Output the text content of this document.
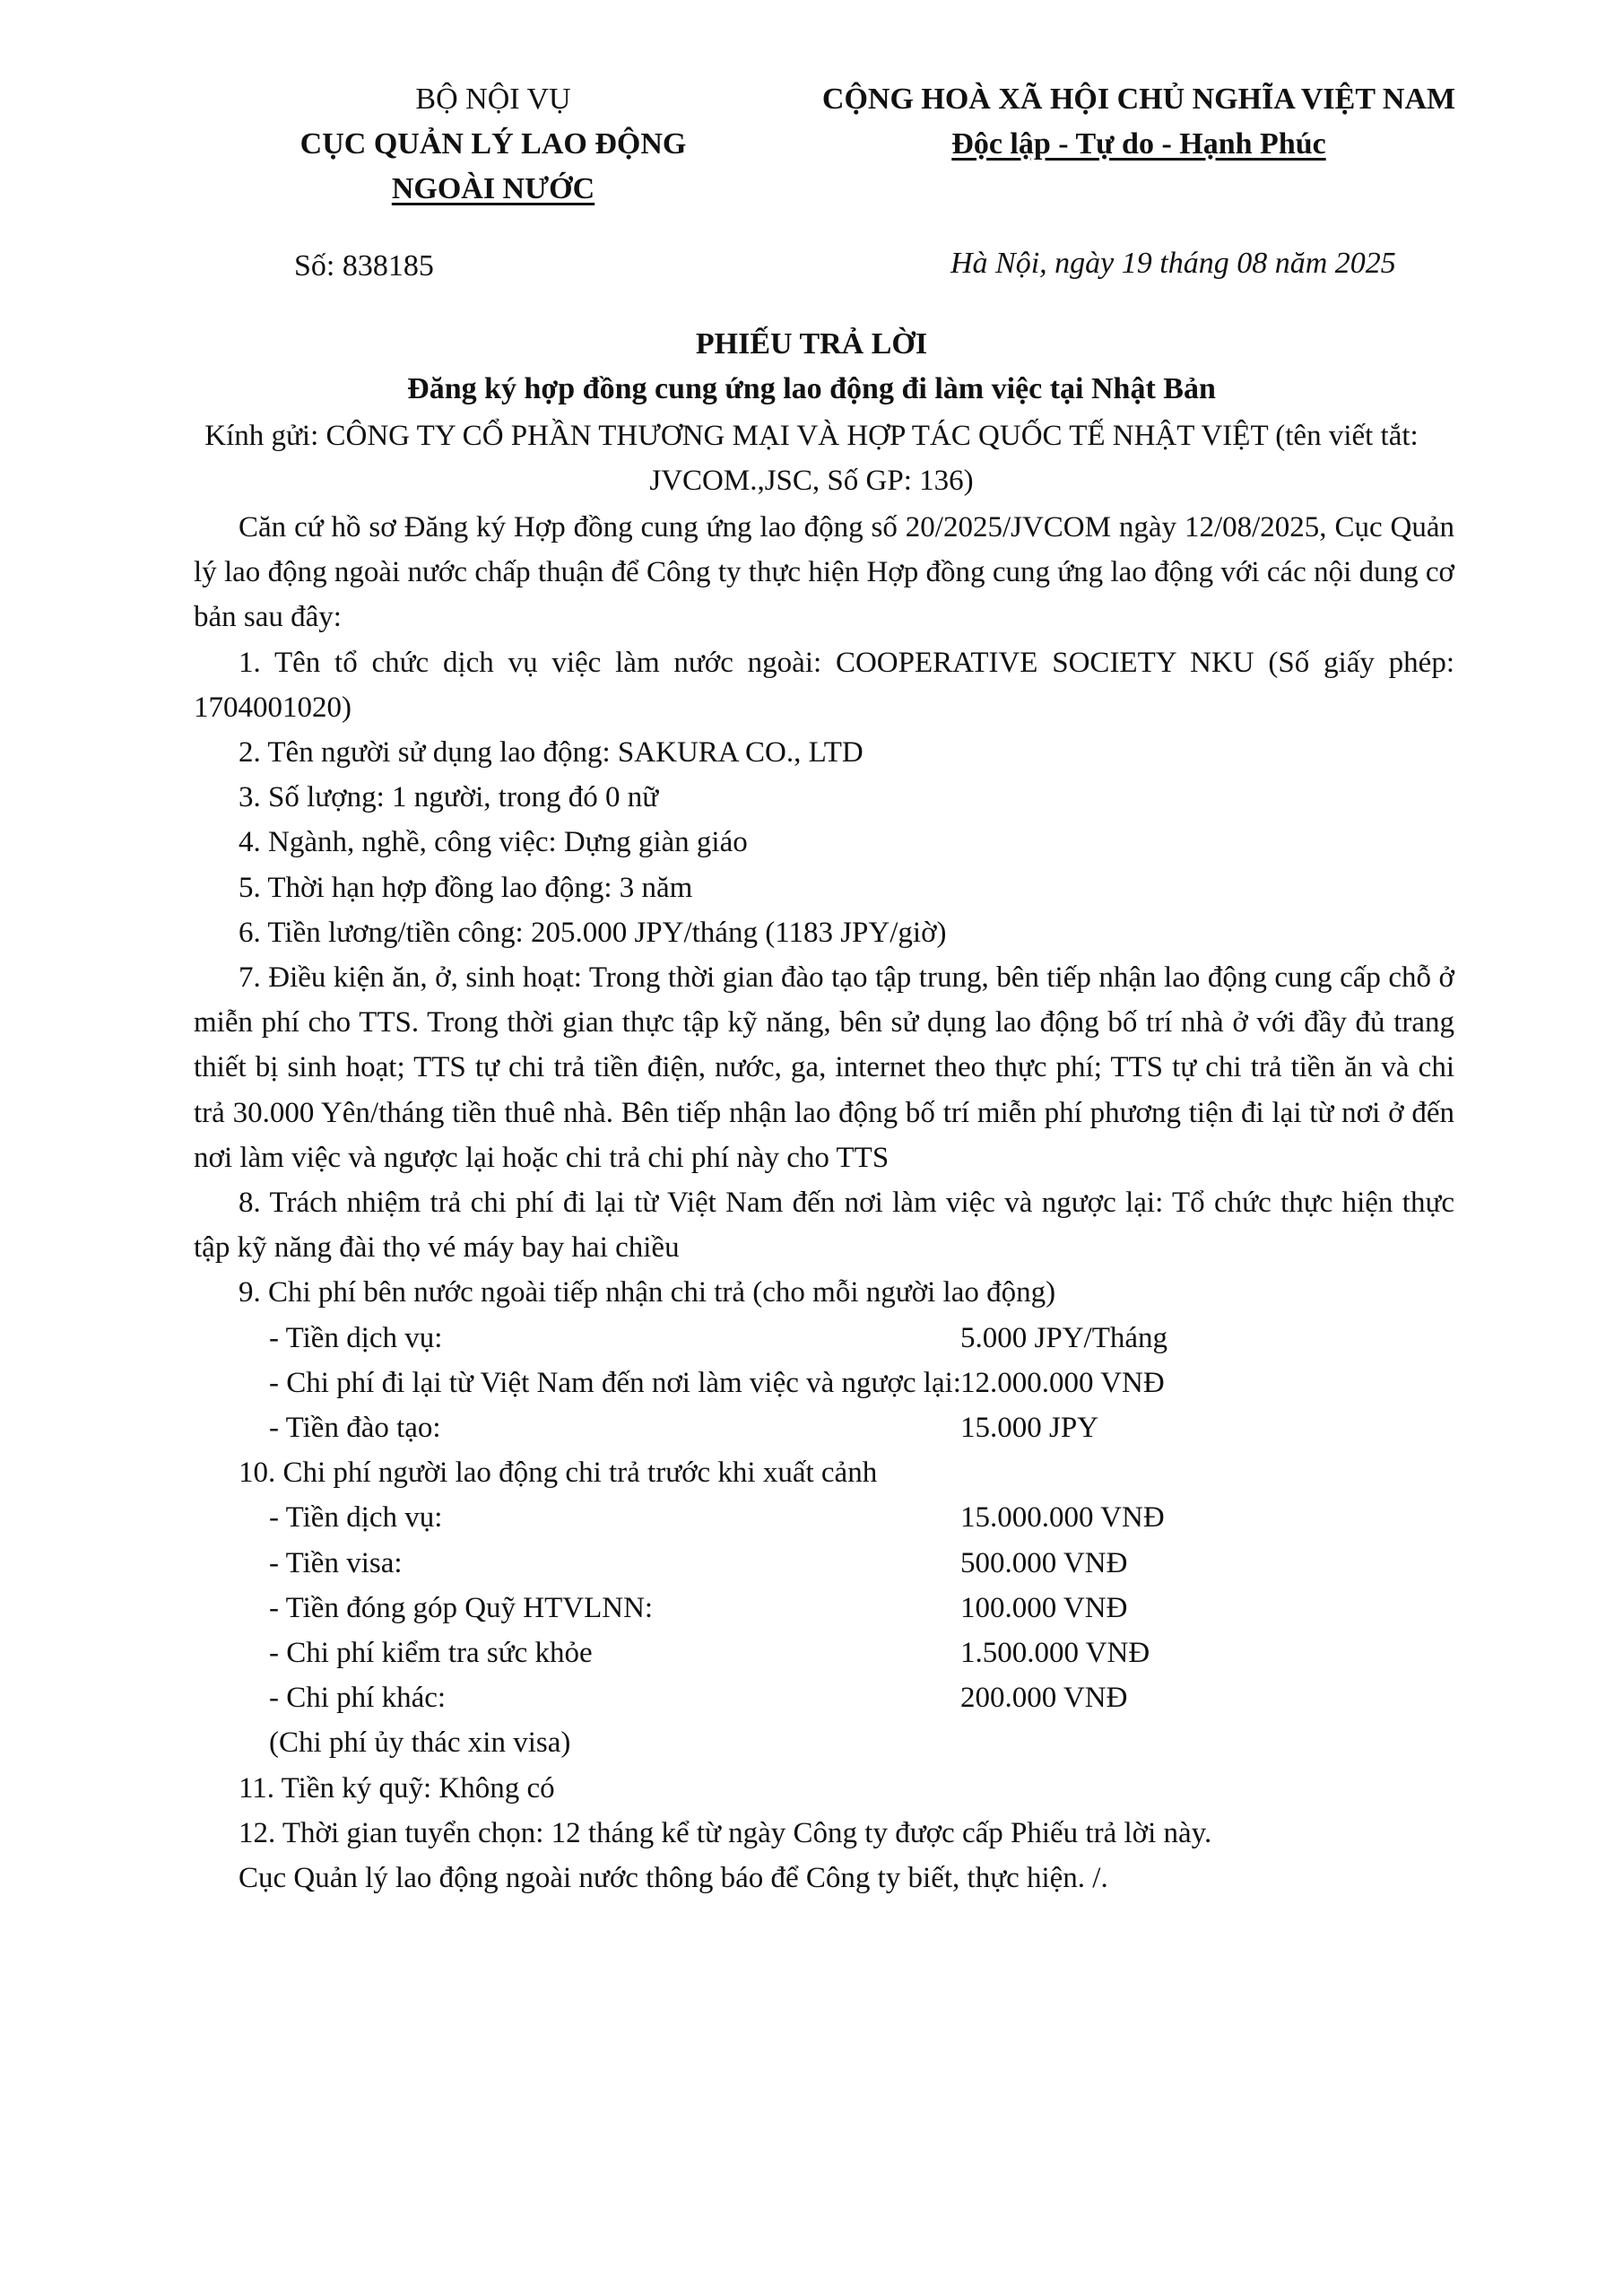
BỘ NỘI VỤ
CỤC QUẢN LÝ LAO ĐỘNG
NGOÀI NƯỚC
Số: 838185
CỘNG HOÀ XÃ HỘI CHỦ NGHĨA VIỆT NAM
Độc lập - Tự do - Hạnh Phúc
Hà Nội, ngày 19 tháng 08 năm 2025
PHIẾU TRẢ LỜI
Đăng ký hợp đồng cung ứng lao động đi làm việc tại Nhật Bản
Kính gửi: CÔNG TY CỔ PHẦN THƯƠNG MẠI VÀ HỢP TÁC QUỐC TẾ NHẬT VIỆT (tên viết tắt:
JVCOM.,JSC, Số GP: 136)
Căn cứ hồ sơ Đăng ký Hợp đồng cung ứng lao động số 20/2025/JVCOM ngày 12/08/2025, Cục Quản lý lao động ngoài nước chấp thuận để Công ty thực hiện Hợp đồng cung ứng lao động với các nội dung cơ bản sau đây:
1. Tên tổ chức dịch vụ việc làm nước ngoài: COOPERATIVE SOCIETY NKU (Số giấy phép: 1704001020)
2. Tên người sử dụng lao động: SAKURA CO., LTD
3. Số lượng: 1 người, trong đó 0 nữ
4. Ngành, nghề, công việc: Dựng giàn giáo
5. Thời hạn hợp đồng lao động: 3 năm
6. Tiền lương/tiền công: 205.000 JPY/tháng (1183 JPY/giờ)
7. Điều kiện ăn, ở, sinh hoạt: Trong thời gian đào tạo tập trung, bên tiếp nhận lao động cung cấp chỗ ở miễn phí cho TTS. Trong thời gian thực tập kỹ năng, bên sử dụng lao động bố trí nhà ở với đầy đủ trang thiết bị sinh hoạt; TTS tự chi trả tiền điện, nước, ga, internet theo thực phí; TTS tự chi trả tiền ăn và chi trả 30.000 Yên/tháng tiền thuê nhà. Bên tiếp nhận lao động bố trí miễn phí phương tiện đi lại từ nơi ở đến nơi làm việc và ngược lại hoặc chi trả chi phí này cho TTS
8. Trách nhiệm trả chi phí đi lại từ Việt Nam đến nơi làm việc và ngược lại: Tổ chức thực hiện thực tập kỹ năng đài thọ vé máy bay hai chiều
9. Chi phí bên nước ngoài tiếp nhận chi trả (cho mỗi người lao động)
- Tiền dịch vụ:	5.000 JPY/Tháng
- Chi phí đi lại từ Việt Nam đến nơi làm việc và ngược lại: 12.000.000 VNĐ
- Tiền đào tạo:	15.000 JPY
10. Chi phí người lao động chi trả trước khi xuất cảnh
- Tiền dịch vụ:	15.000.000 VNĐ
- Tiền visa:	500.000 VNĐ
- Tiền đóng góp Quỹ HTVLNN:	100.000 VNĐ
- Chi phí kiểm tra sức khỏe	1.500.000 VNĐ
- Chi phí khác:	200.000 VNĐ
(Chi phí ủy thác xin visa)
11. Tiền ký quỹ: Không có
12. Thời gian tuyển chọn: 12 tháng kể từ ngày Công ty được cấp Phiếu trả lời này.
Cục Quản lý lao động ngoài nước thông báo để Công ty biết, thực hiện. /.
